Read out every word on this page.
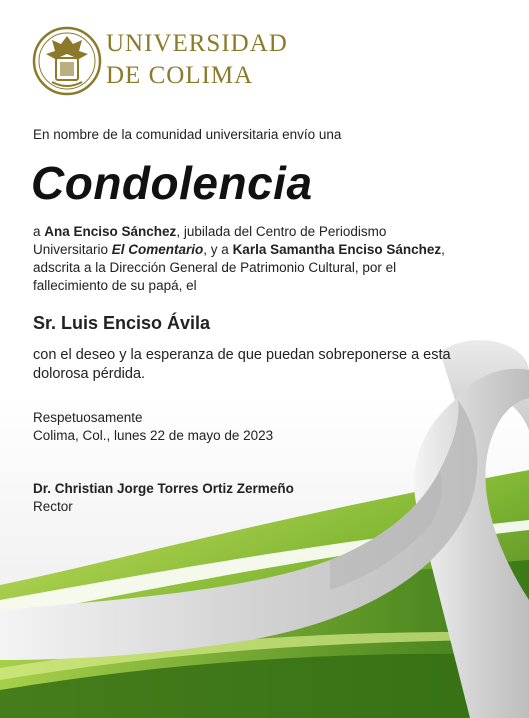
UNIVERSIDAD
DE COLIMA
En nombre de la comunidad universitaria envío una
Condolencia
a Ana Enciso Sánchez, jubilada del Centro de Periodismo Universitario El Comentario, y a Karla Samantha Enciso Sánchez, adscrita a la Dirección General de Patrimonio Cultural, por el fallecimiento de su papá, el
Sr. Luis Enciso Ávila
con el deseo y la esperanza de que puedan sobreponerse a esta dolorosa pérdida.
Respetuosamente
Colima, Col., lunes 22 de mayo de 2023
Dr. Christian Jorge Torres Ortiz Zermeño
Rector
